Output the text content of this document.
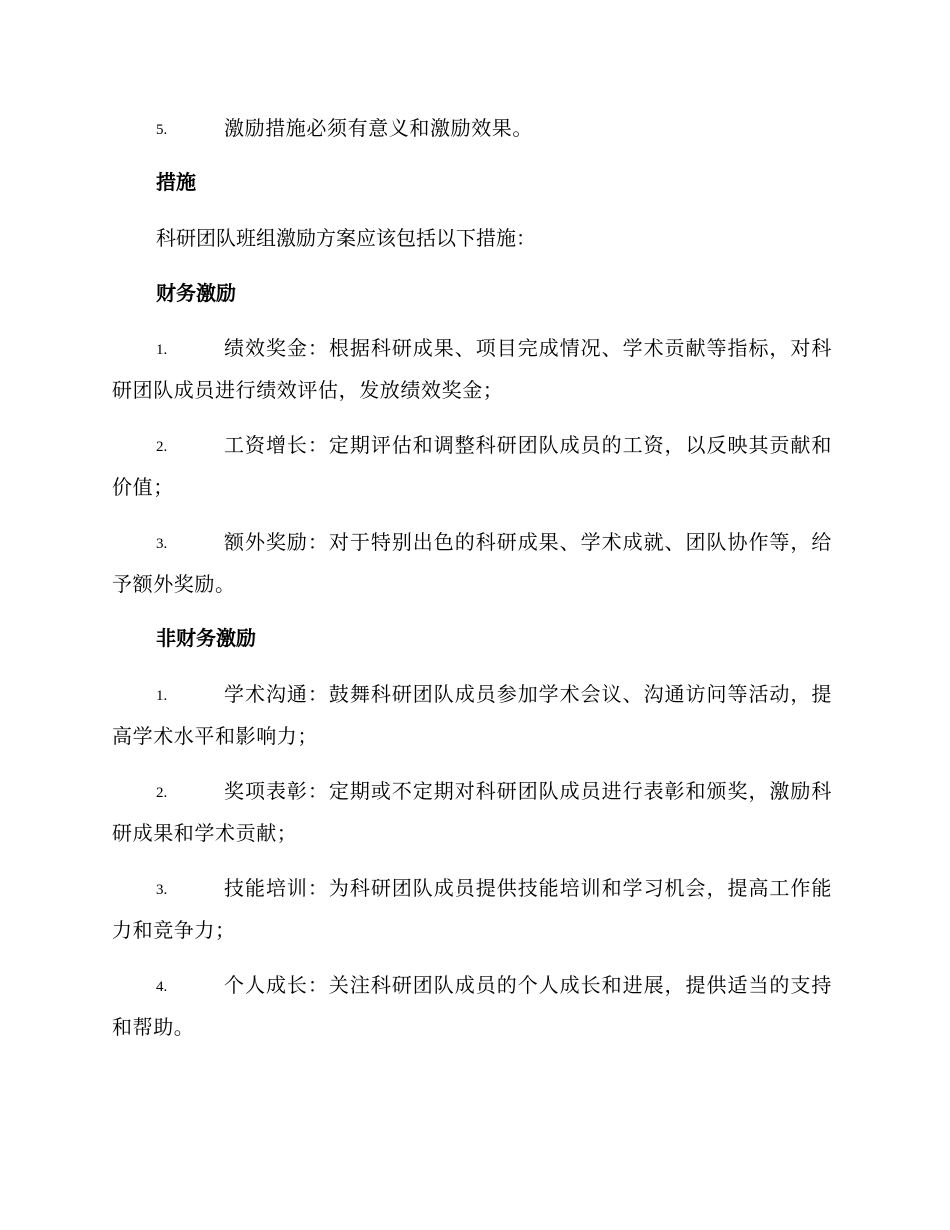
5.	激励措施必须有意义和激励效果。
措施
科研团队班组激励方案应该包括以下措施：
财务激励
1.	绩效奖金：根据科研成果、项目完成情况、学术贡献等指标，对科研团队成员进行绩效评估，发放绩效奖金；
2.	工资增长：定期评估和调整科研团队成员的工资，以反映其贡献和价值；
3.	额外奖励：对于特别出色的科研成果、学术成就、团队协作等，给予额外奖励。
非财务激励
1.	学术沟通：鼓舞科研团队成员参加学术会议、沟通访问等活动，提高学术水平和影响力；
2.	奖项表彰：定期或不定期对科研团队成员进行表彰和颁奖，激励科研成果和学术贡献；
3.	技能培训：为科研团队成员提供技能培训和学习机会，提高工作能力和竞争力；
4.	个人成长：关注科研团队成员的个人成长和进展，提供适当的支持和帮助。
